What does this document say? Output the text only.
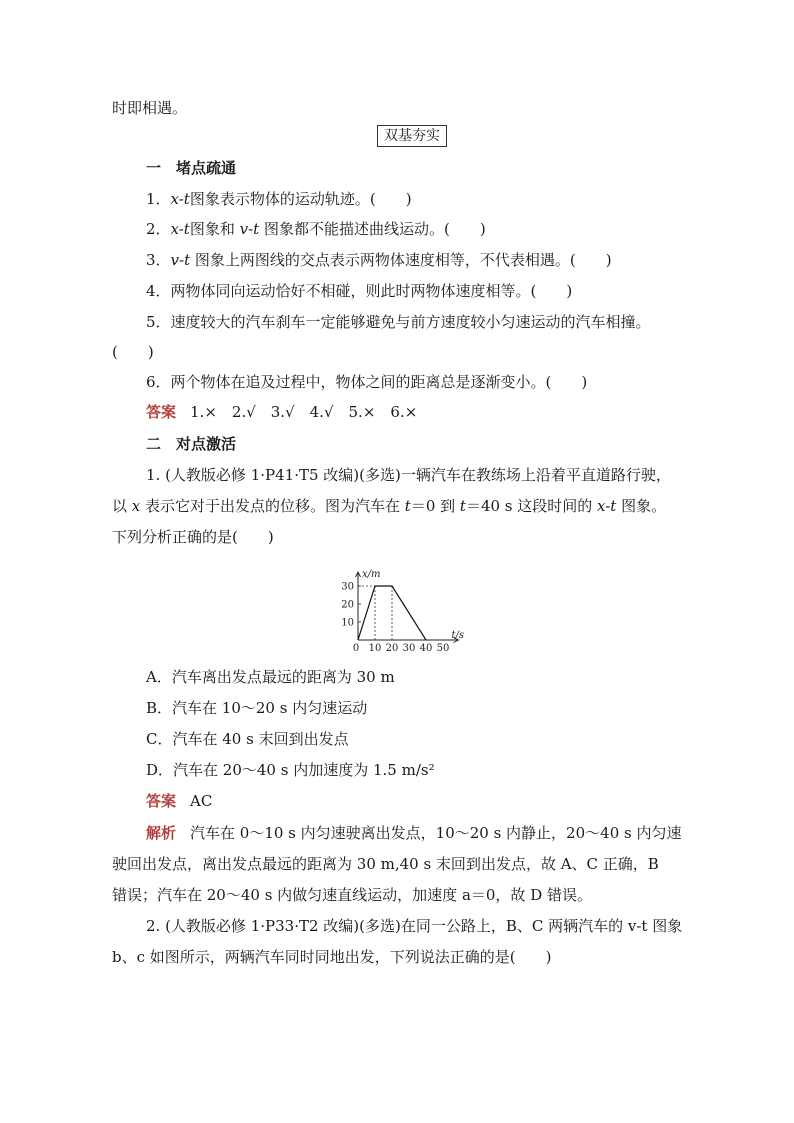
时即相遇。
双基夯实
一　堵点疏通
1．x-t图象表示物体的运动轨迹。(　　)
2．x-t图象和 v-t 图象都不能描述曲线运动。(　　)
3．v-t 图象上两图线的交点表示两物体速度相等，不代表相遇。(　　)
4．两物体同向运动恰好不相碰，则此时两物体速度相等。(　　)
5．速度较大的汽车刹车一定能够避免与前方速度较小匀速运动的汽车相撞。
(　　)
6．两个物体在追及过程中，物体之间的距离总是逐渐变小。(　　)
答案 1.×　2.√　3.√　4.√　5.×　6.×
二　对点激活
1. (人教版必修 1·P41·T5 改编)(多选)一辆汽车在教练场上沿着平直道路行驶，
以 x 表示它对于出发点的位移。图为汽车在 t＝0 到 t＝40 s 这段时间的 x-t 图象。
下列分析正确的是(　　)
0 10 20 30 40 50
10
20
30
t/s
x/m
A．汽车离出发点最远的距离为 30 m
B．汽车在 10～20 s 内匀速运动
C．汽车在 40 s 末回到出发点
D．汽车在 20～40 s 内加速度为 1.5 m/s²
答案 AC
解析 汽车在 0～10 s 内匀速驶离出发点，10～20 s 内静止，20～40 s 内匀速
驶回出发点，离出发点最远的距离为 30 m,40 s 末回到出发点，故 A、C 正确，B
错误；汽车在 20～40 s 内做匀速直线运动，加速度 a＝0，故 D 错误。
2. (人教版必修 1·P33·T2 改编)(多选)在同一公路上，B、C 两辆汽车的 v-t 图象
b、c 如图所示，两辆汽车同时同地出发，下列说法正确的是(　　)
